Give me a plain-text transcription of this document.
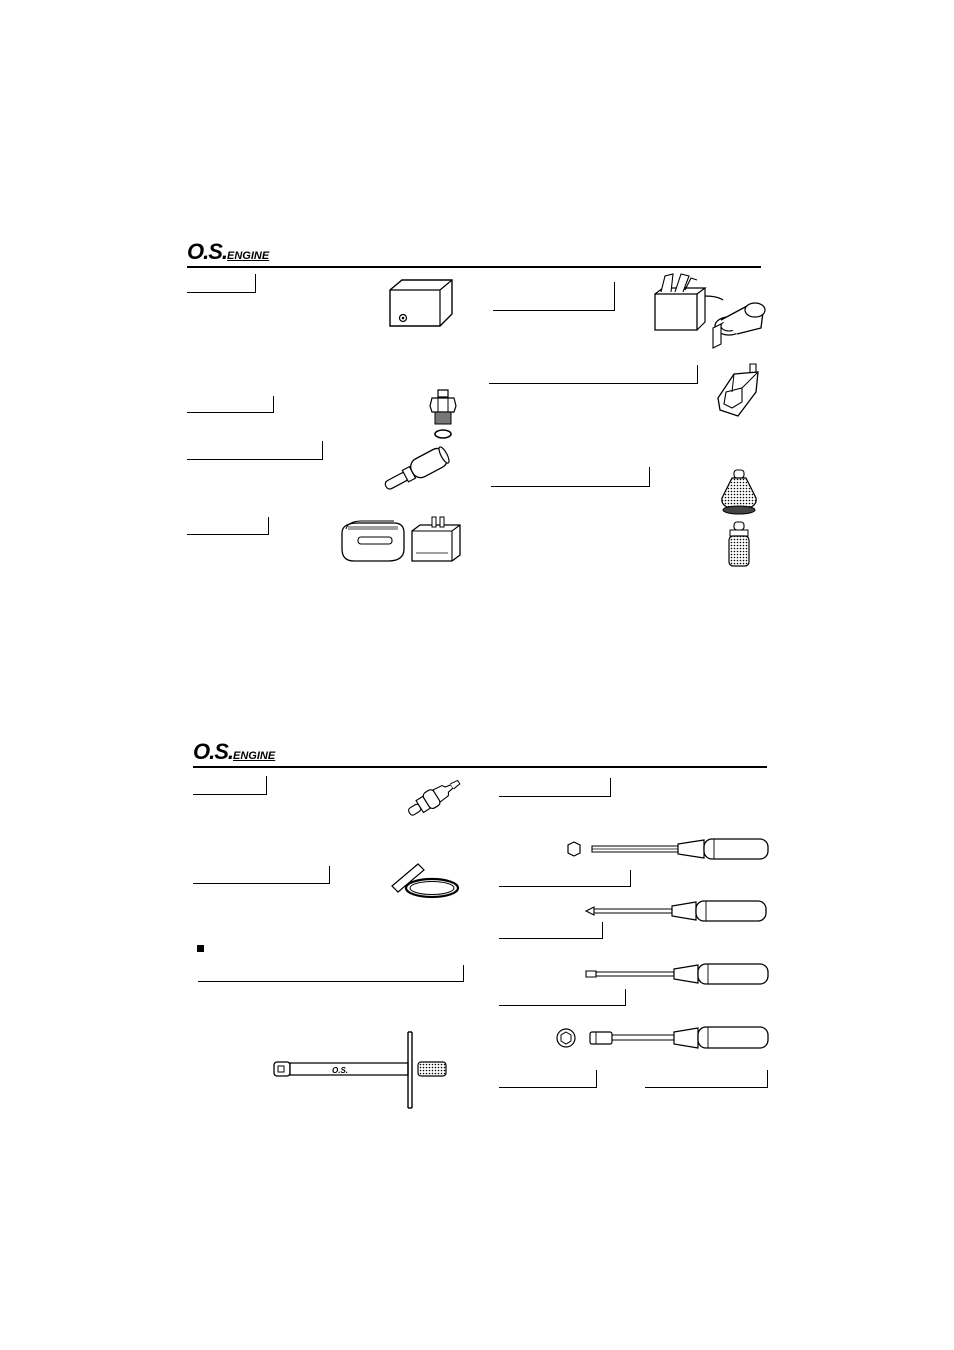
O.S.ENGINE
O.S.ENGINE
O.S.
